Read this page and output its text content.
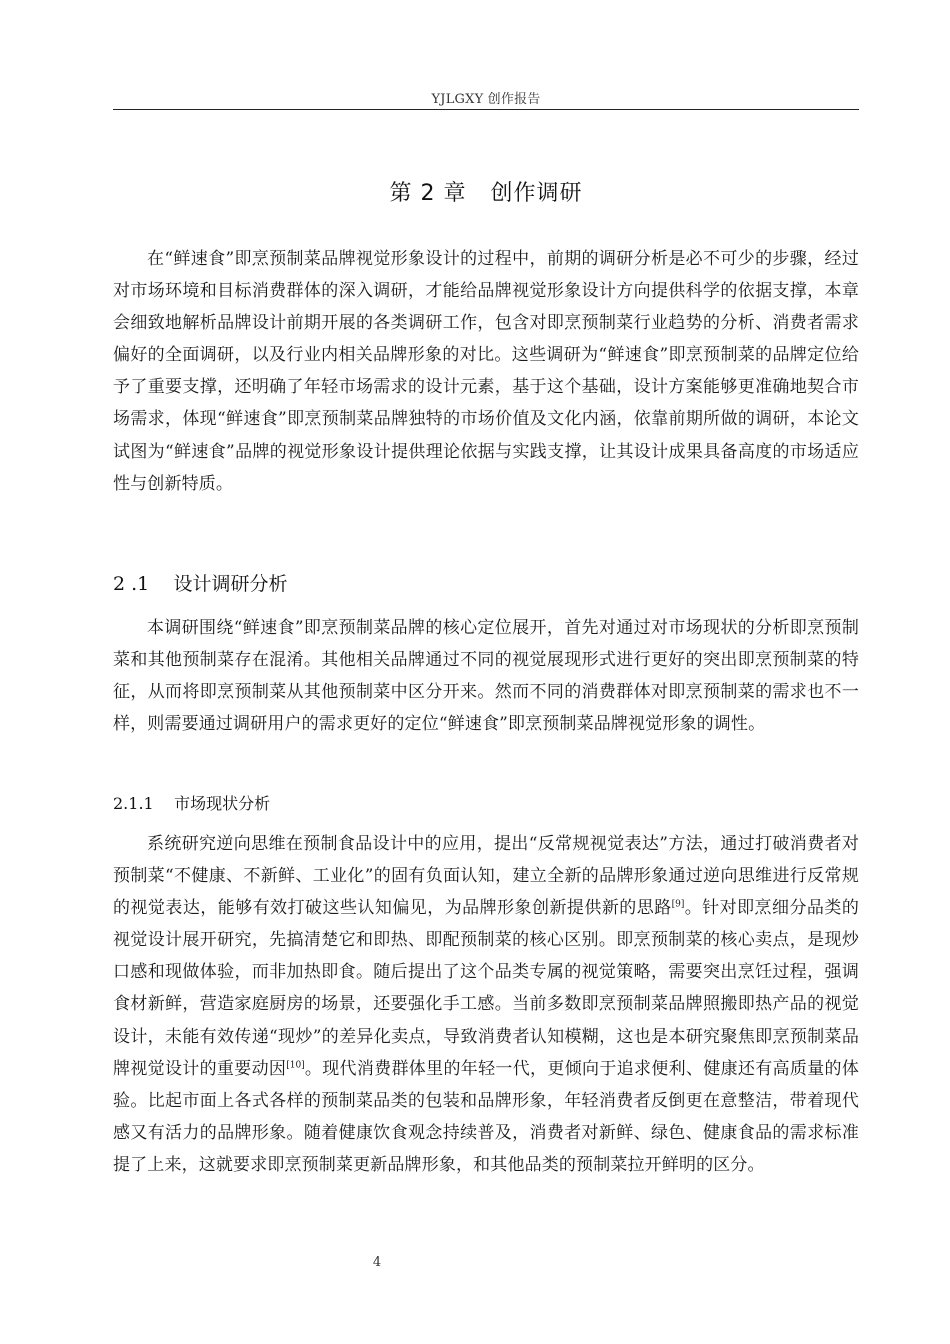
YJLGXY 创作报告
第 2 章   创作调研

在“鲜速食”即烹预制菜品牌视觉形象设计的过程中，前期的调研分析是必不可少的步骤，经过对市场环境和目标消费群体的深入调研，才能给品牌视觉形象设计方向提供科学的依据支撑，本章会细致地解析品牌设计前期开展的各类调研工作，包含对即烹预制菜行业趋势的分析、消费者需求偏好的全面调研，以及行业内相关品牌形象的对比。这些调研为“鲜速食”即烹预制菜的品牌定位给予了重要支撑，还明确了年轻市场需求的设计元素，基于这个基础，设计方案能够更准确地契合市场需求，体现“鲜速食”即烹预制菜品牌独特的市场价值及文化内涵，依靠前期所做的调研，本论文试图为“鲜速食”品牌的视觉形象设计提供理论依据与实践支撑，让其设计成果具备高度的市场适应性与创新特质。

2 .1 设计调研分析

本调研围绕“鲜速食”即烹预制菜品牌的核心定位展开，首先对通过对市场现状的分析即烹预制菜和其他预制菜存在混淆。其他相关品牌通过不同的视觉展现形式进行更好的突出即烹预制菜的特征，从而将即烹预制菜从其他预制菜中区分开来。然而不同的消费群体对即烹预制菜的需求也不一样，则需要通过调研用户的需求更好的定位“鲜速食”即烹预制菜品牌视觉形象的调性。

2.1.1 市场现状分析

系统研究逆向思维在预制食品设计中的应用，提出“反常规视觉表达”方法，通过打破消费者对预制菜“不健康、不新鲜、工业化”的固有负面认知，建立全新的品牌形象通过逆向思维进行反常规的视觉表达，能够有效打破这些认知偏见，为品牌形象创新提供新的思路[9]。针对即烹细分品类的视觉设计展开研究，先搞清楚它和即热、即配预制菜的核心区别。即烹预制菜的核心卖点，是现炒口感和现做体验，而非加热即食。随后提出了这个品类专属的视觉策略，需要突出烹饪过程，强调食材新鲜，营造家庭厨房的场景，还要强化手工感。当前多数即烹预制菜品牌照搬即热产品的视觉设计，未能有效传递“现炒”的差异化卖点，导致消费者认知模糊，这也是本研究聚焦即烹预制菜品牌视觉设计的重要动因[10]。现代消费群体里的年轻一代，更倾向于追求便利、健康还有高质量的体验。比起市面上各式各样的预制菜品类的包装和品牌形象，年轻消费者反倒更在意整洁，带着现代感又有活力的品牌形象。随着健康饮食观念持续普及，消费者对新鲜、绿色、健康食品的需求标准提了上来，这就要求即烹预制菜更新品牌形象，和其他品类的预制菜拉开鲜明的区分。

4
